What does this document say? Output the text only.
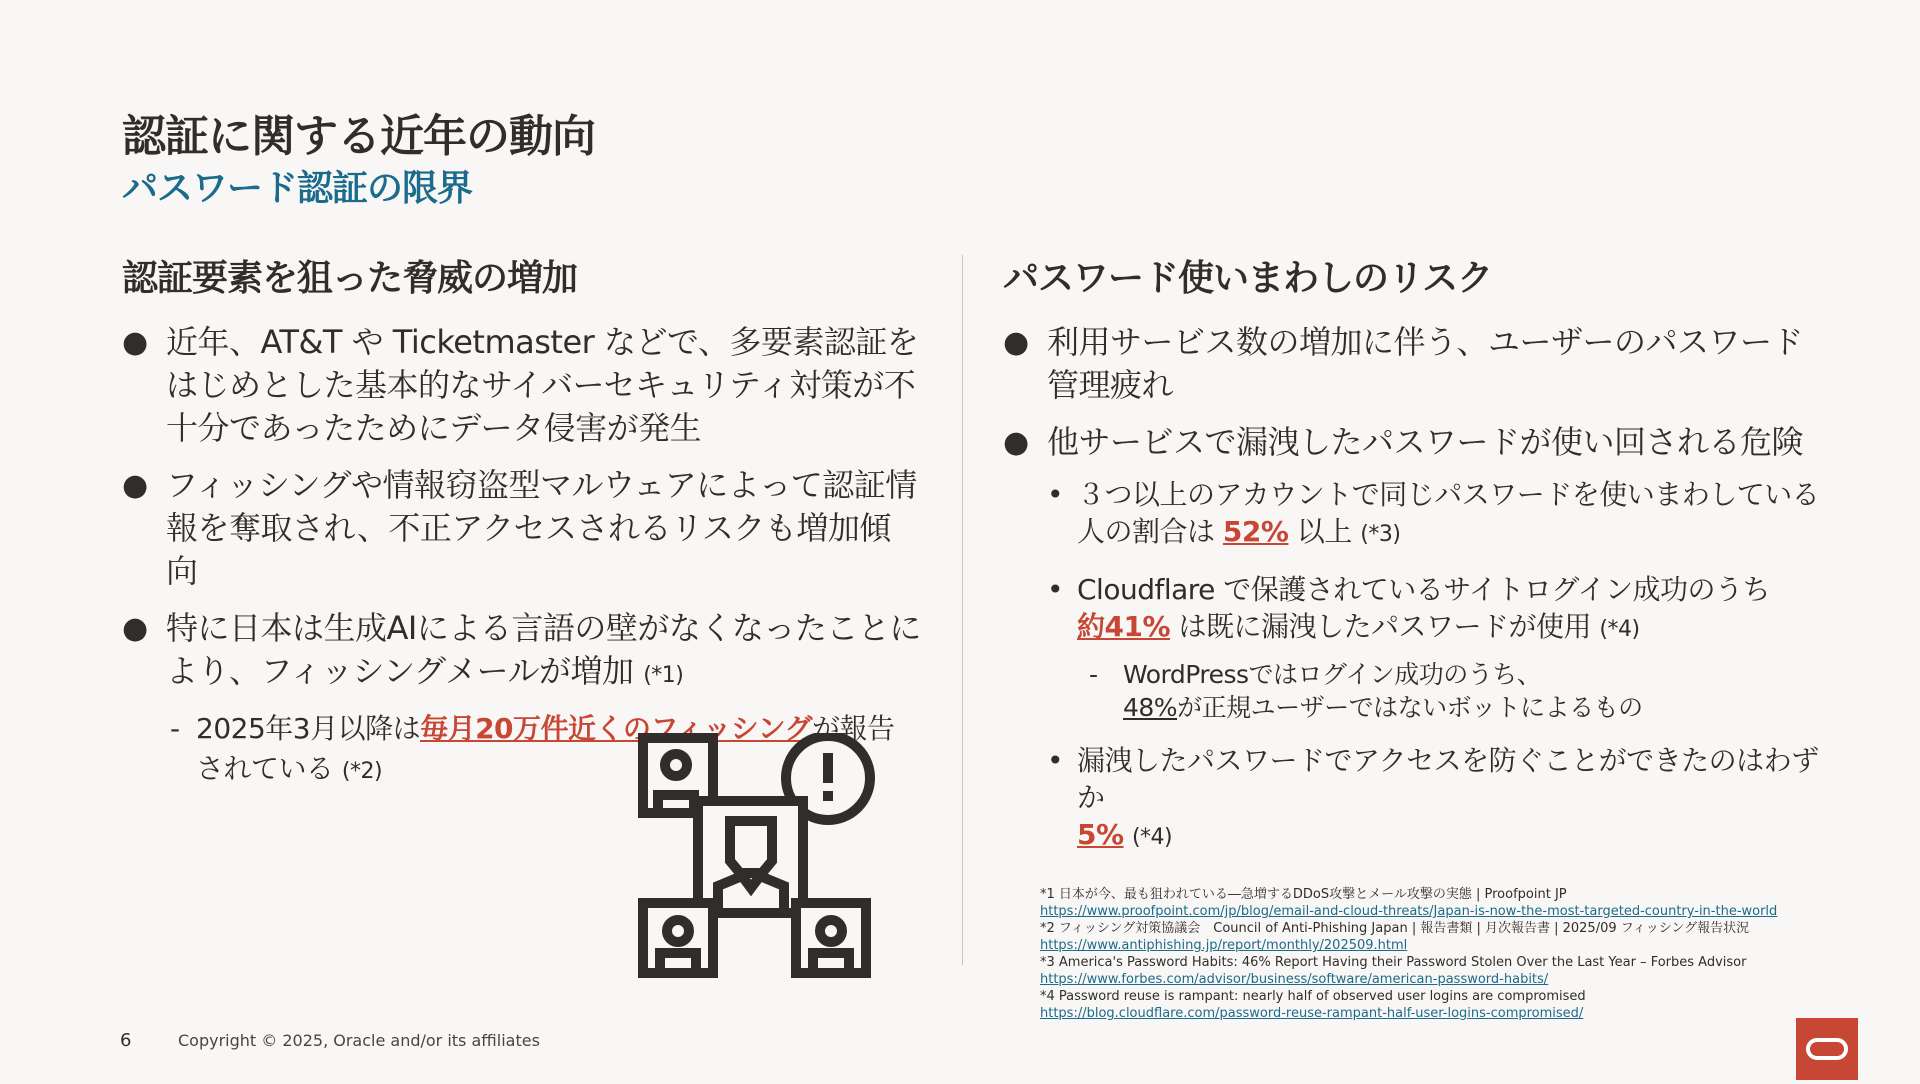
認証に関する近年の動向
パスワード認証の限界
認証要素を狙った脅威の増加
● 近年、AT&T や Ticketmaster などで、多要素認証をはじめとした基本的なサイバーセキュリティ対策が不十分であったためにデータ侵害が発生
● フィッシングや情報窃盗型マルウェアによって認証情報を奪取され、不正アクセスされるリスクも増加傾向
● 特に日本は生成AIによる言語の壁がなくなったことにより、フィッシングメールが増加 (*1)
- 2025年3月以降は毎月20万件近くのフィッシングが報告されている (*2)
パスワード使いまわしのリスク
● 利用サービス数の増加に伴う、ユーザーのパスワード管理疲れ
● 他サービスで漏洩したパスワードが使い回される危険
• ３つ以上のアカウントで同じパスワードを使いまわしている人の割合は 52% 以上 (*3)
• Cloudflare で保護されているサイトログイン成功のうち
約41% は既に漏洩したパスワードが使用 (*4)
- WordPressではログイン成功のうち、
48%が正規ユーザーではないボットによるもの
• 漏洩したパスワードでアクセスを防ぐことができたのはわずか
5% (*4)
*1 日本が今、最も狙われている―急増するDDoS攻撃とメール攻撃の実態 | Proofpoint JP
https://www.proofpoint.com/jp/blog/email-and-cloud-threats/Japan-is-now-the-most-targeted-country-in-the-world
*2 フィッシング対策協議会　Council of Anti-Phishing Japan | 報告書類 | 月次報告書 | 2025/09 フィッシング報告状況
https://www.antiphishing.jp/report/monthly/202509.html
*3 America's Password Habits: 46% Report Having their Password Stolen Over the Last Year – Forbes Advisor
https://www.forbes.com/advisor/business/software/american-password-habits/
*4 Password reuse is rampant: nearly half of observed user logins are compromised
https://blog.cloudflare.com/password-reuse-rampant-half-user-logins-compromised/
6	Copyright © 2025, Oracle and/or its affiliates
